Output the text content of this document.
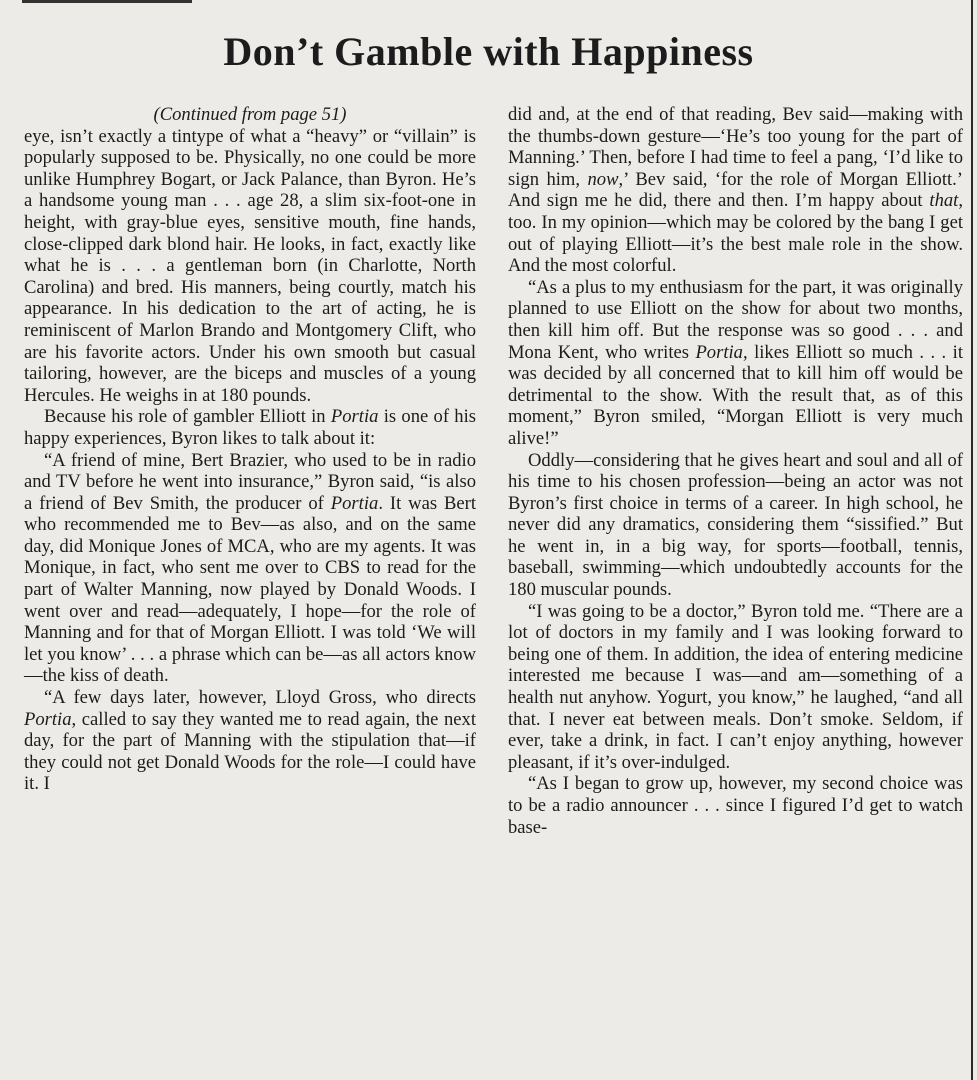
Don’t Gamble with Happiness

(Continued from page 51)

eye, isn’t exactly a tintype of what a “heavy” or “villain” is popularly supposed to be. Physically, no one could be more unlike Humphrey Bogart, or Jack Palance, than Byron. He’s a handsome young man . . . age 28, a slim six-foot-one in height, with gray-blue eyes, sensitive mouth, fine hands, close-clipped dark blond hair. He looks, in fact, exactly like what he is . . . a gentleman born (in Charlotte, North Carolina) and bred. His manners, being courtly, match his appearance. In his dedication to the art of acting, he is reminiscent of Marlon Brando and Montgomery Clift, who are his favorite actors. Under his own smooth but casual tailoring, however, are the biceps and muscles of a young Hercules. He weighs in at 180 pounds.

Because his role of gambler Elliott in Portia is one of his happy experiences, Byron likes to talk about it:

“A friend of mine, Bert Brazier, who used to be in radio and TV before he went into insurance,” Byron said, “is also a friend of Bev Smith, the producer of Portia. It was Bert who recommended me to Bev—as also, and on the same day, did Monique Jones of MCA, who are my agents. It was Monique, in fact, who sent me over to CBS to read for the part of Walter Manning, now played by Donald Woods. I went over and read—adequately, I hope—for the role of Manning and for that of Morgan Elliott. I was told ‘We will let you know’ . . . a phrase which can be—as all actors know—the kiss of death.

“A few days later, however, Lloyd Gross, who directs Portia, called to say they wanted me to read again, the next day, for the part of Manning with the stipulation that—if they could not get Donald Woods for the role—I could have it. I

did and, at the end of that reading, Bev said—making with the thumbs-down gesture—‘He’s too young for the part of Manning.’ Then, before I had time to feel a pang, ‘I’d like to sign him, now,’ Bev said, ‘for the role of Morgan Elliott.’ And sign me he did, there and then. I’m happy about that, too. In my opinion—which may be colored by the bang I get out of playing Elliott—it’s the best male role in the show. And the most colorful.

“As a plus to my enthusiasm for the part, it was originally planned to use Elliott on the show for about two months, then kill him off. But the response was so good . . . and Mona Kent, who writes Portia, likes Elliott so much . . . it was decided by all concerned that to kill him off would be detrimental to the show. With the result that, as of this moment,” Byron smiled, “Morgan Elliott is very much alive!”

Oddly—considering that he gives heart and soul and all of his time to his chosen profession—being an actor was not Byron’s first choice in terms of a career. In high school, he never did any dramatics, considering them “sissified.” But he went in, in a big way, for sports—football, tennis, baseball, swimming—which undoubtedly accounts for the 180 muscular pounds.

“I was going to be a doctor,” Byron told me. “There are a lot of doctors in my family and I was looking forward to being one of them. In addition, the idea of entering medicine interested me because I was—and am—something of a health nut anyhow. Yogurt, you know,” he laughed, “and all that. I never eat between meals. Don’t smoke. Seldom, if ever, take a drink, in fact. I can’t enjoy anything, however pleasant, if it’s over-indulged.

“As I began to grow up, however, my second choice was to be a radio announcer . . . since I figured I’d get to watch base-
